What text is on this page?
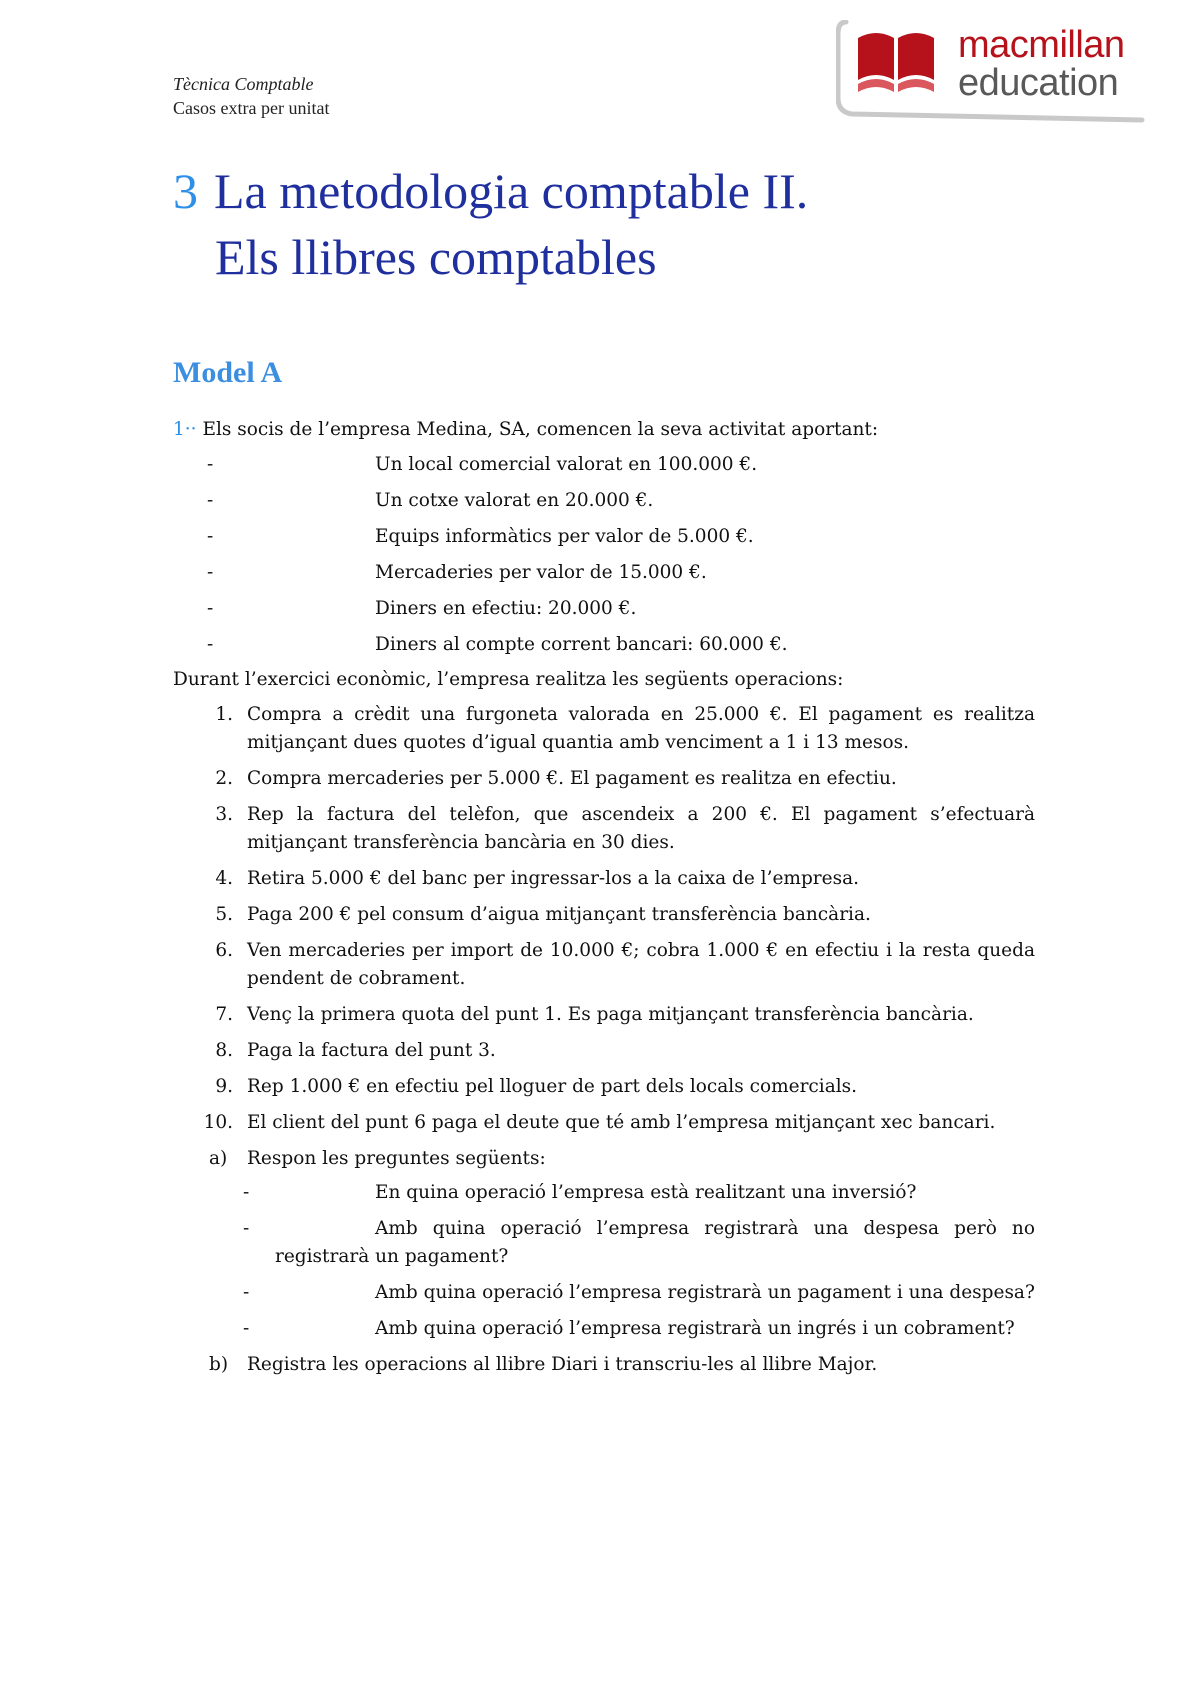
Tècnica Comptable
Casos extra per unitat
macmillan
education
3 La metodologia comptable II.
Els llibres comptables
Model A
1·· Els socis de l’empresa Medina, SA, comencen la seva activitat aportant:
-	Un local comercial valorat en 100.000 €.
-	Un cotxe valorat en 20.000 €.
-	Equips informàtics per valor de 5.000 €.
-	Mercaderies per valor de 15.000 €.
-	Diners en efectiu: 20.000 €.
-	Diners al compte corrent bancari: 60.000 €.
Durant l’exercici econòmic, l’empresa realitza les següents operacions:
1. Compra a crèdit una furgoneta valorada en 25.000 €. El pagament es realitza mitjançant dues quotes d’igual quantia amb venciment a 1 i 13 mesos.
2. Compra mercaderies per 5.000 €. El pagament es realitza en efectiu.
3. Rep la factura del telèfon, que ascendeix a 200 €. El pagament s’efectuarà mitjançant transferència bancària en 30 dies.
4. Retira 5.000 € del banc per ingressar-los a la caixa de l’empresa.
5. Paga 200 € pel consum d’aigua mitjançant transferència bancària.
6. Ven mercaderies per import de 10.000 €; cobra 1.000 € en efectiu i la resta queda pendent de cobrament.
7. Venç la primera quota del punt 1. Es paga mitjançant transferència bancària.
8. Paga la factura del punt 3.
9. Rep 1.000 € en efectiu pel lloguer de part dels locals comercials.
10. El client del punt 6 paga el deute que té amb l’empresa mitjançant xec bancari.
a) Respon les preguntes següents:
-	En quina operació l’empresa està realitzant una inversió?
-	Amb quina operació l’empresa registrarà una despesa però no registrarà un pagament?
-	Amb quina operació l’empresa registrarà un pagament i una despesa?
-	Amb quina operació l’empresa registrarà un ingrés i un cobrament?
b) Registra les operacions al llibre Diari i transcriu-les al llibre Major.
